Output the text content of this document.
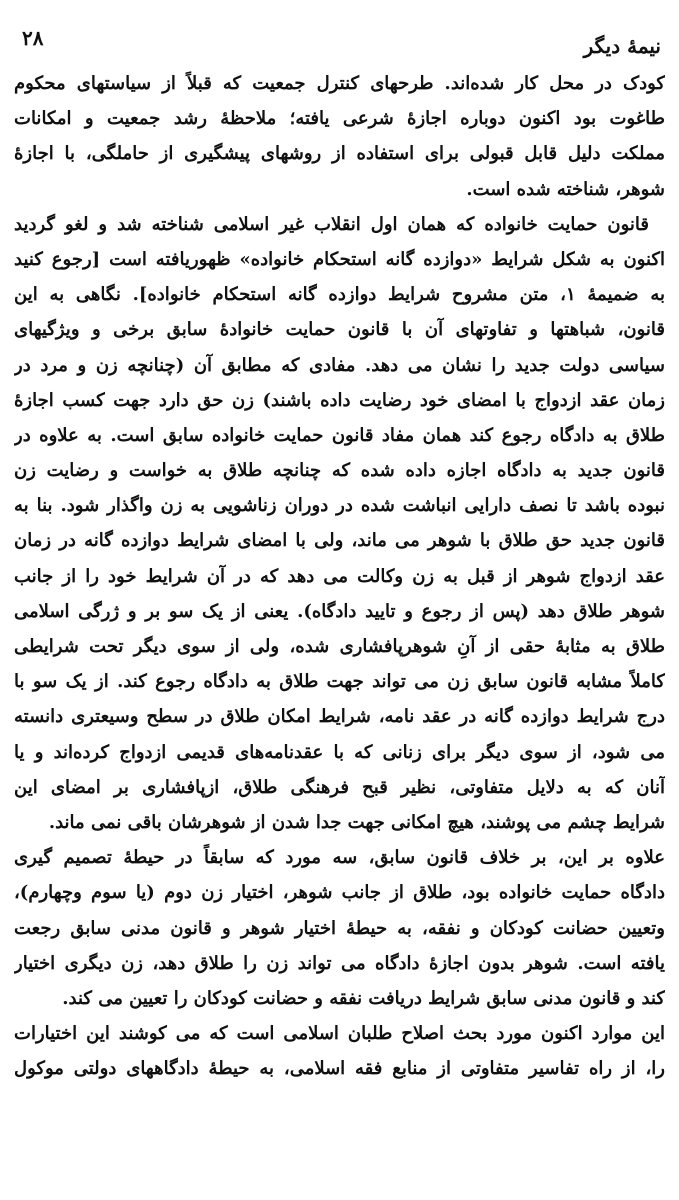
نیمهٔ دیگر
۲۸
کودک در محل کار شده‌اند. طرحهای کنترل جمعیت که قبلاً از سیاستهای محکوم
طاغوت بود اکنون دوباره اجازهٔ شرعی یافته؛ ملاحظهٔ رشد جمعیت و امکانات
مملکت دلیل قابل قبولی برای استفاده از روشهای پیشگیری از حاملگی، با اجازهٔ
شوهر، شناخته شده است.
قانون حمایت خانواده که همان اول انقلاب غیر اسلامی شناخته شد و لغو گردید
اکنون به شکل شرایط «دوازده گانه استحکام خانواده» ظهوریافته است [رجوع کنید
به ضمیمهٔ ۱، متن مشروح شرایط دوازده گانه استحکام خانواده]. نگاهی به این
قانون، شباهتها و تفاوتهای آن با قانون حمایت خانوادهٔ سابق برخی و ویژگیهای
سیاسی دولت جدید را نشان می دهد. مفادی که مطابق آن (چنانچه زن و مرد در
زمان عقد ازدواج با امضای خود رضایت داده باشند) زن حق دارد جهت کسب اجازهٔ
طلاق به دادگاه رجوع کند همان مفاد قانون حمایت خانواده سابق است. به علاوه در
قانون جدید به دادگاه اجازه داده شده که چنانچه طلاق به خواست و رضایت زن
نبوده باشد تا نصف دارایی انباشت شده در دوران زناشویی به زن واگذار شود. بنا به
قانون جدید حق طلاق با شوهر می ماند، ولی با امضای شرایط دوازده گانه در زمان
عقد ازدواج شوهر از قبل به زن وکالت می دهد که در آن شرایط خود را از جانب
شوهر طلاق دهد (پس از رجوع و تایید دادگاه). یعنی از یک سو بر و ژرگی اسلامی
طلاق به مثابهٔ حقی از آنِ شوهرپافشاری شده، ولی از سوی دیگر تحت شرایطی
کاملاً مشابه قانون سابق زن می تواند جهت طلاق به دادگاه رجوع کند. از یک سو با
درج شرایط دوازده گانه در عقد نامه، شرایط امکان طلاق در سطح وسیعتری دانسته
می شود، از سوی دیگر برای زنانی که با عقدنامه‌های قدیمی ازدواج کرده‌اند و یا
آنان که به دلایل متفاوتی، نظیر قبح فرهنگی طلاق، ازپافشاری بر امضای این
شرایط چشم می پوشند، هیچ امکانی جهت جدا شدن از شوهرشان باقی نمی ماند.
علاوه بر این، بر خلاف قانون سابق، سه مورد که سابقاً در حیطهٔ تصمیم گیری
دادگاه حمایت خانواده بود، طلاق از جانب شوهر، اختیار زن دوم (یا سوم وچهارم)،
وتعیین حضانت کودکان و نفقه، به حیطهٔ اختیار شوهر و قانون مدنی سابق رجعت
یافته است. شوهر بدون اجازهٔ دادگاه می تواند زن را طلاق دهد، زن دیگری اختیار
کند و قانون مدنی سابق شرایط دریافت نفقه و حضانت کودکان را تعیین می کند.
این موارد اکنون مورد بحث اصلاح طلبان اسلامی است که می کوشند این اختیارات
را، از راه تفاسیر متفاوتی از منابع فقه اسلامی، به حیطهٔ دادگاههای دولتی موکول
